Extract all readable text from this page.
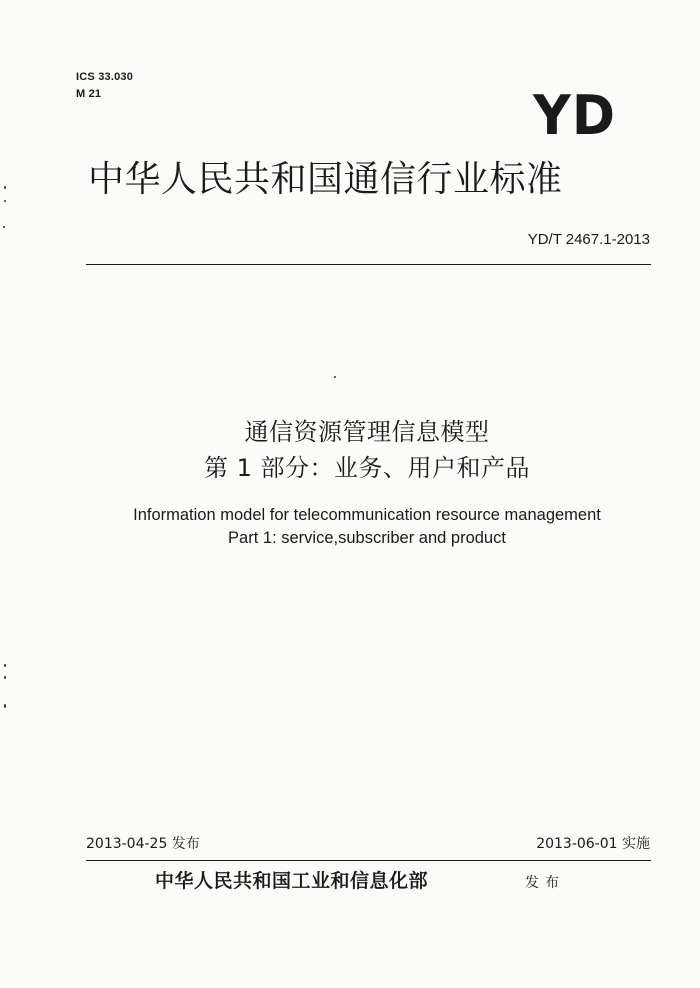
ICS 33.030
M 21	YD
中华人民共和国通信行业标准
YD/T 2467.1-2013
通信资源管理信息模型
第 1 部分：业务、用户和产品
Information model for telecommunication resource management
Part 1: service,subscriber and product
2013-04-25 发布	2013-06-01 实施
中华人民共和国工业和信息化部	发布
